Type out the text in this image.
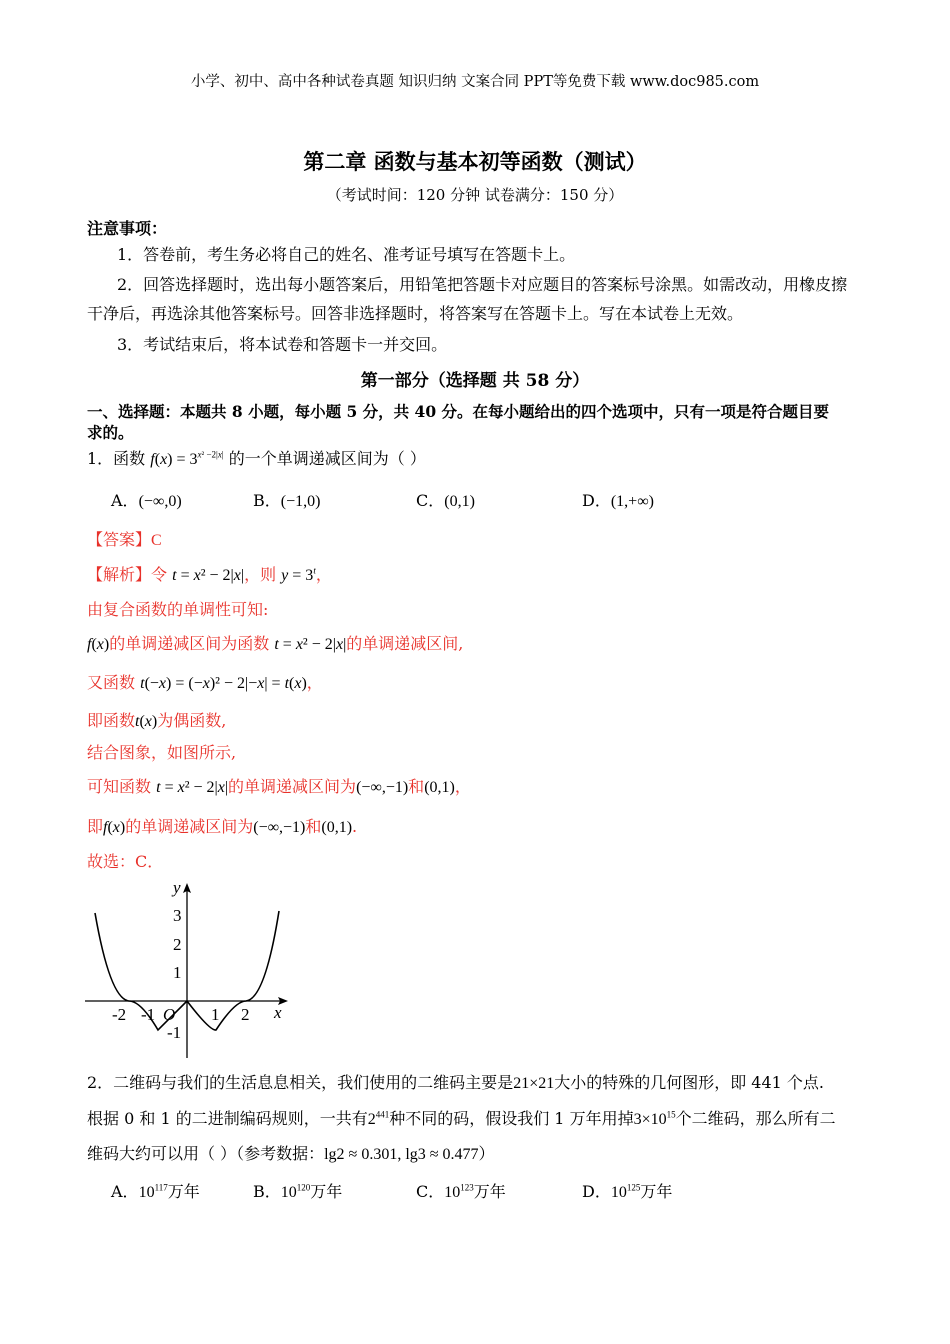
小学、初中、高中各种试卷真题 知识归纳 文案合同 PPT等免费下载 www.doc985.com
第二章 函数与基本初等函数（测试）
（考试时间：120 分钟 试卷满分：150 分）
注意事项：
1．答卷前，考生务必将自己的姓名、准考证号填写在答题卡上。
2．回答选择题时，选出每小题答案后，用铅笔把答题卡对应题目的答案标号涂黑。如需改动，用橡皮擦干净后，再选涂其他答案标号。回答非选择题时，将答案写在答题卡上。写在本试卷上无效。
3．考试结束后，将本试卷和答题卡一并交回。
第一部分（选择题 共 58 分）
一、选择题：本题共 8 小题，每小题 5 分，共 40 分。在每小题给出的四个选项中，只有一项是符合题目要
求的。
1．函数 $f(x) = 3^{x^2 -2|x|}$ 的一个单调递减区间为（ ）
A．(−∞,0)	B．(−1,0)	C．(0,1)	D．(1,+∞)
【答案】C
【解析】令 t = x² − 2|x|，则 $y = 3^t$，
由复合函数的单调性可知:
f(x)的单调递减区间为函数 t = x² − 2|x|的单调递减区间,
又函数 t(−x) = (−x)² − 2|−x| = t(x)，
即函数t(x)为偶函数,
结合图象，如图所示,
可知函数 t = x² − 2|x|的单调递减区间为(−∞,−1)和(0,1)，
即f(x)的单调递减区间为(−∞,−1)和(0,1).
故选：C．
y
x
O
3
2
1
-1
-2 -1	1 2
2．二维码与我们的生活息息相关，我们使用的二维码主要是21×21大小的特殊的几何图形，即 441 个点.
根据 0 和 1 的二进制编码规则，一共有$2^{441}$种不同的码，假设我们 1 万年用掉$3\times 10^{15}$个二维码，那么所有二
维码大约可以用（ ）（参考数据：lg2 ≈ 0.301, lg3 ≈ 0.477）
A．$10^{117}$万年	B．$10^{120}$万年	C．$10^{123}$万年	D．$10^{125}$万年
